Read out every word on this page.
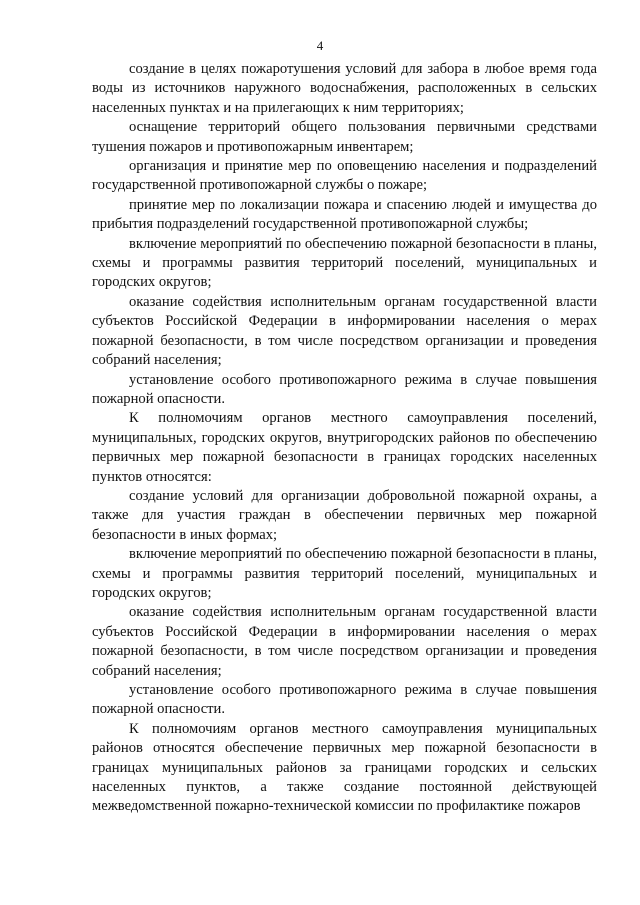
4

создание в целях пожаротушения условий для забора в любое время года воды из источников наружного водоснабжения, расположенных в сельских населенных пунктах и на прилегающих к ним территориях;

оснащение территорий общего пользования первичными средствами тушения пожаров и противопожарным инвентарем;

организация и принятие мер по оповещению населения и подразделений государственной противопожарной службы о пожаре;

принятие мер по локализации пожара и спасению людей и имущества до прибытия подразделений государственной противопожарной службы;

включение мероприятий по обеспечению пожарной безопасности в планы, схемы и программы развития территорий поселений, муниципальных и городских округов;

оказание содействия исполнительным органам государственной власти субъектов Российской Федерации в информировании населения о мерах пожарной безопасности, в том числе посредством организации и проведения собраний населения;

установление особого противопожарного режима в случае повышения пожарной опасности.

К полномочиям органов местного самоуправления поселений, муниципальных, городских округов, внутригородских районов по обеспечению первичных мер пожарной безопасности в границах городских населенных пунктов относятся:

создание условий для организации добровольной пожарной охраны, а также для участия граждан в обеспечении первичных мер пожарной безопасности в иных формах;

включение мероприятий по обеспечению пожарной безопасности в планы, схемы и программы развития территорий поселений, муниципальных и городских округов;

оказание содействия исполнительным органам государственной власти субъектов Российской Федерации в информировании населения о мерах пожарной безопасности, в том числе посредством организации и проведения собраний населения;

установление особого противопожарного режима в случае повышения пожарной опасности.

К полномочиям органов местного самоуправления муниципальных районов относятся обеспечение первичных мер пожарной безопасности в границах муниципальных районов за границами городских и сельских населенных пунктов, а также создание постоянной действующей межведомственной пожарно-технической комиссии по профилактике пожаров
